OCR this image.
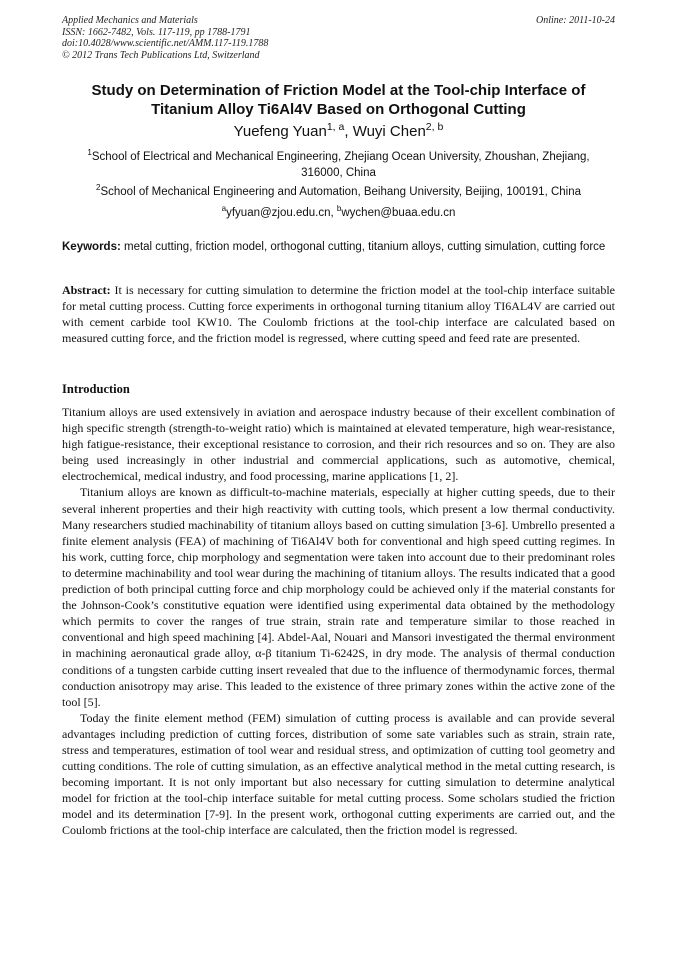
Applied Mechanics and Materials
ISSN: 1662-7482, Vols. 117-119, pp 1788-1791
doi:10.4028/www.scientific.net/AMM.117-119.1788
© 2012 Trans Tech Publications Ltd, Switzerland
Online: 2011-10-24
Study on Determination of Friction Model at the Tool-chip Interface of
Titanium Alloy Ti6Al4V Based on Orthogonal Cutting
Yuefeng Yuan$^{1, a}$, Wuyi Chen$^{2, b}$
$^1$School of Electrical and Mechanical Engineering, Zhejiang Ocean University, Zhoushan, Zhejiang,
316000, China
$^2$School of Mechanical Engineering and Automation, Beihang University, Beijing, 100191, China
$^a$yfyuan@zjou.edu.cn, $^b$wychen@buaa.edu.cn
Keywords: metal cutting, friction model, orthogonal cutting, titanium alloys, cutting simulation, cutting force
Abstract: It is necessary for cutting simulation to determine the friction model at the tool-chip interface suitable for metal cutting process. Cutting force experiments in orthogonal turning titanium alloy TI6AL4V are carried out with cement carbide tool KW10. The Coulomb frictions at the tool-chip interface are calculated based on measured cutting force, and the friction model is regressed, where cutting speed and feed rate are presented.
Introduction

Titanium alloys are used extensively in aviation and aerospace industry because of their excellent combination of high specific strength (strength-to-weight ratio) which is maintained at elevated temperature, high wear-resistance, high fatigue-resistance, their exceptional resistance to corrosion, and their rich resources and so on. They are also being used increasingly in other industrial and commercial applications, such as automotive, chemical, electrochemical, medical industry, and food processing, marine applications [1, 2].

Titanium alloys are known as difficult-to-machine materials, especially at higher cutting speeds, due to their several inherent properties and their high reactivity with cutting tools, which present a low thermal conductivity. Many researchers studied machinability of titanium alloys based on cutting simulation [3-6]. Umbrello presented a finite element analysis (FEA) of machining of Ti6Al4V both for conventional and high speed cutting regimes. In his work, cutting force, chip morphology and segmentation were taken into account due to their predominant roles to determine machinability and tool wear during the machining of titanium alloys. The results indicated that a good prediction of both principal cutting force and chip morphology could be achieved only if the material constants for the Johnson-Cook’s constitutive equation were identified using experimental data obtained by the methodology which permits to cover the ranges of true strain, strain rate and temperature similar to those reached in conventional and high speed machining [4]. Abdel-Aal, Nouari and Mansori investigated the thermal environment in machining aeronautical grade alloy, α-β titanium Ti-6242S, in dry mode. The analysis of thermal conduction conditions of a tungsten carbide cutting insert revealed that due to the influence of thermodynamic forces, thermal conduction anisotropy may arise. This leaded to the existence of three primary zones within the active zone of the tool [5].

Today the finite element method (FEM) simulation of cutting process is available and can provide several advantages including prediction of cutting forces, distribution of some sate variables such as strain, strain rate, stress and temperatures, estimation of tool wear and residual stress, and optimization of cutting tool geometry and cutting conditions. The role of cutting simulation, as an effective analytical method in the metal cutting research, is becoming important. It is not only important but also necessary for cutting simulation to determine analytical model for friction at the tool-chip interface suitable for metal cutting process. Some scholars studied the friction model and its determination [7-9]. In the present work, orthogonal cutting experiments are carried out, and the Coulomb frictions at the tool-chip interface are calculated, then the friction model is regressed.
